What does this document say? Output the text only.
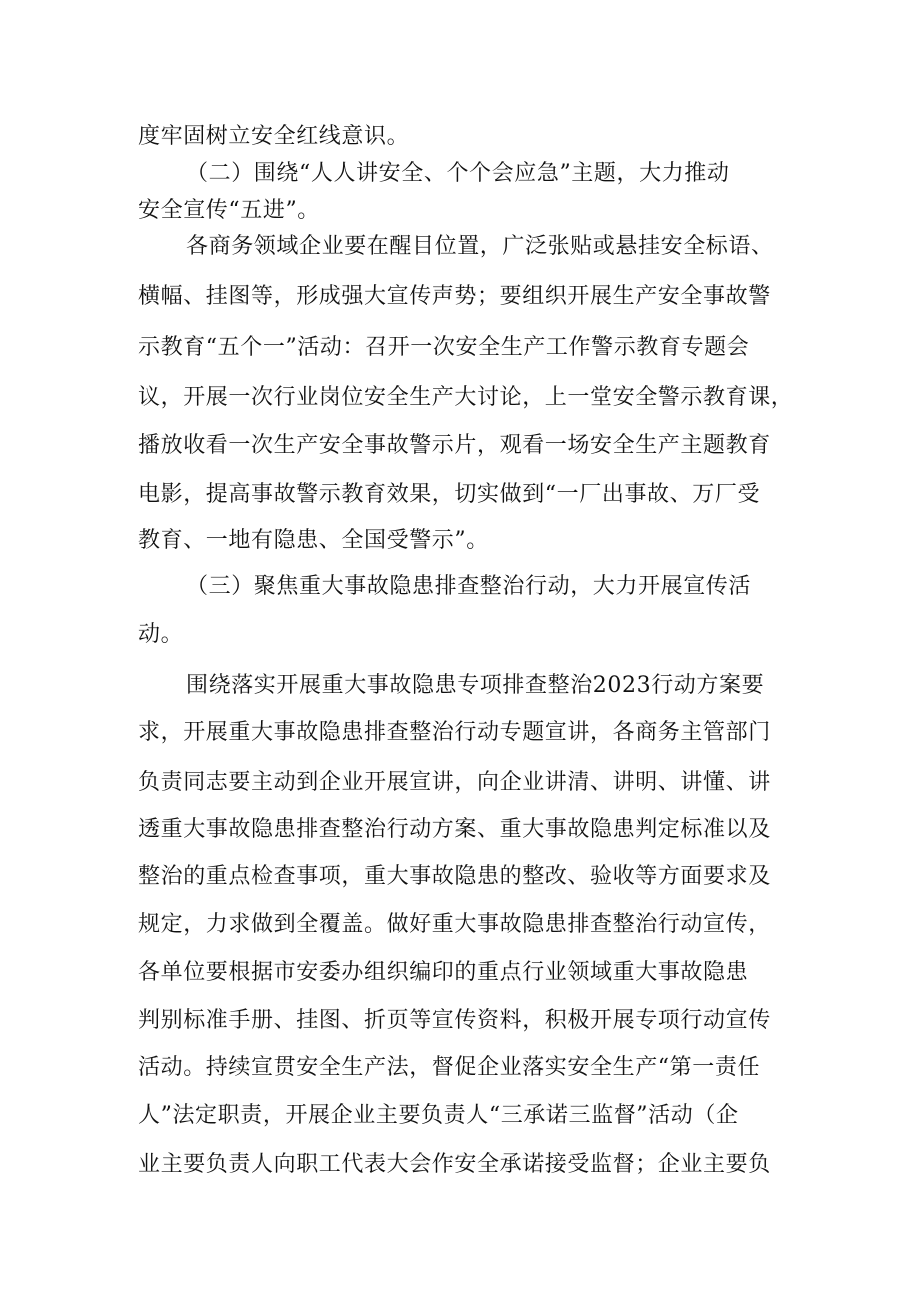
度牢固树立安全红线意识。
（二）围绕“人人讲安全、个个会应急”主题，大力推动
安全宣传“五进”。
各商务领域企业要在醒目位置，广泛张贴或悬挂安全标语、
横幅、挂图等，形成强大宣传声势；要组织开展生产安全事故警
示教育“五个一”活动：召开一次安全生产工作警示教育专题会
议，开展一次行业岗位安全生产大讨论，上一堂安全警示教育课，
播放收看一次生产安全事故警示片，观看一场安全生产主题教育
电影，提高事故警示教育效果，切实做到“一厂出事故、万厂受
教育、一地有隐患、全国受警示”。
（三）聚焦重大事故隐患排查整治行动，大力开展宣传活
动。
围绕落实开展重大事故隐患专项排查整治2023行动方案要
求，开展重大事故隐患排查整治行动专题宣讲，各商务主管部门
负责同志要主动到企业开展宣讲，向企业讲清、讲明、讲懂、讲
透重大事故隐患排查整治行动方案、重大事故隐患判定标准以及
整治的重点检查事项，重大事故隐患的整改、验收等方面要求及
规定，力求做到全覆盖。做好重大事故隐患排查整治行动宣传，
各单位要根据市安委办组织编印的重点行业领域重大事故隐患
判别标准手册、挂图、折页等宣传资料，积极开展专项行动宣传
活动。持续宣贯安全生产法，督促企业落实安全生产“第一责任
人”法定职责，开展企业主要负责人“三承诺三监督”活动（企
业主要负责人向职工代表大会作安全承诺接受监督；企业主要负
